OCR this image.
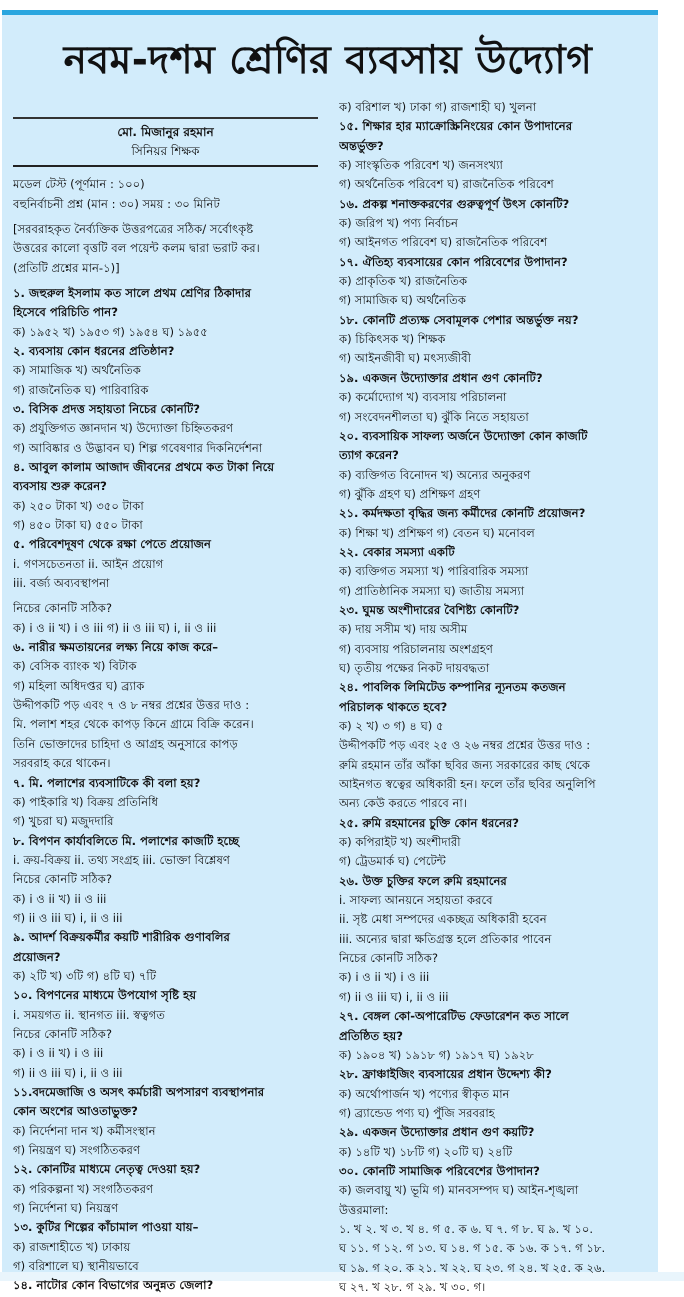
নবম-দশম শ্রেণির ব্যবসায় উদ্যোগ
মো. মিজানুর রহমান
সিনিয়র শিক্ষক
মডেল টেস্ট (পূর্ণমান : ১০০)
বহুনির্বাচনী প্রশ্ন (মান : ৩০) সময় : ৩০ মিনিট
[সরবরাহকৃত নৈর্ব্যক্তিক উত্তরপত্রের সঠিক/ সর্বোৎকৃষ্ট
উত্তরের কালো বৃত্তটি বল পয়েন্ট কলম দ্বারা ভরাট কর।
(প্রতিটি প্রশ্নের মান-১)]
১. জহুরুল ইসলাম কত সালে প্রথম শ্রেণির ঠিকাদার
হিসেবে পরিচিতি পান?
ক) ১৯৫২ খ) ১৯৫৩ গ) ১৯৫৪ ঘ) ১৯৫৫
২. ব্যবসায় কোন ধরনের প্রতিষ্ঠান?
ক) সামাজিক খ) অর্থনৈতিক
গ) রাজনৈতিক ঘ) পারিবারিক
৩. বিসিক প্রদত্ত সহায়তা নিচের কোনটি?
ক) প্রযুক্তিগত জ্ঞানদান খ) উদ্যোক্তা চিহ্নিতকরণ
গ) আবিষ্কার ও উদ্ভাবন ঘ) শিল্প গবেষণার দিকনির্দেশনা
৪. আবুল কালাম আজাদ জীবনের প্রথমে কত টাকা নিয়ে
ব্যবসায় শুরু করেন?
ক) ২৫০ টাকা খ) ৩৫০ টাকা
গ) ৪৫০ টাকা ঘ) ৫৫০ টাকা
৫. পরিবেশদূষণ থেকে রক্ষা পেতে প্রয়োজন
i. গণসচেতনতা ii. আইন প্রয়োগ
iii. বর্জ্য অব্যবস্থাপনা
নিচের কোনটি সঠিক?
ক) i ও ii খ) i ও iii গ) ii ও iii ঘ) i, ii ও iii
৬. নারীর ক্ষমতায়নের লক্ষ্য নিয়ে কাজ করে–
ক) বেসিক ব্যাংক খ) বিটাক
গ) মহিলা অধিদপ্তর ঘ) ব্র্যাক
উদ্দীপকটি পড় এবং ৭ ও ৮ নম্বর প্রশ্নের উত্তর দাও :
মি. পলাশ শহর থেকে কাপড় কিনে গ্রামে বিক্রি করেন।
তিনি ভোক্তাদের চাহিদা ও আগ্রহ অনুসারে কাপড়
সরবরাহ করে থাকেন।
৭. মি. পলাশের ব্যবসাটিকে কী বলা হয়?
ক) পাইকারি খ) বিক্রয় প্রতিনিধি
গ) খুচরা ঘ) মজুদদারি
৮. বিপণন কার্যাবলিতে মি. পলাশের কাজটি হচ্ছে
i. ক্রয়-বিক্রয় ii. তথ্য সংগ্রহ iii. ভোক্তা বিশ্লেষণ
নিচের কোনটি সঠিক?
ক) i ও ii খ) ii ও iii
গ) ii ও iii ঘ) i, ii ও iii
৯. আদর্শ বিক্রয়কর্মীর কয়টি শারীরিক গুণাবলির
প্রয়োজন?
ক) ২টি খ) ৩টি গ) ৪টি ঘ) ৭টি
১০. বিপণনের মাধ্যমে উপযোগ সৃষ্টি হয়
i. সময়গত ii. স্থানগত iii. স্বত্বগত
নিচের কোনটি সঠিক?
ক) i ও ii খ) i ও iii
গ) ii ও iii ঘ) i, ii ও iii
১১.বদমেজাজি ও অসৎ কর্মচারী অপসারণ ব্যবস্থাপনার
কোন অংশের আওতাভুক্ত?
ক) নির্দেশনা দান খ) কর্মীসংস্থান
গ) নিয়ন্ত্রণ ঘ) সংগঠিতকরণ
১২. কোনটির মাধ্যমে নেতৃত্ব দেওয়া হয়?
ক) পরিকল্পনা খ) সংগঠিতকরণ
গ) নির্দেশনা ঘ) নিয়ন্ত্রণ
১৩. কুটির শিল্পের কাঁচামাল পাওয়া যায়–
ক) রাজশাহীতে খ) ঢাকায়
গ) বরিশালে ঘ) স্থানীয়ভাবে
১৪. নাটোর কোন বিভাগের অনুন্নত জেলা?
ক) বরিশাল খ) ঢাকা গ) রাজশাহী ঘ) খুলনা
১৫. শিক্ষার হার ম্যাক্রোস্ক্রিনিংয়ের কোন উপাদানের
অন্তর্ভুক্ত?
ক) সাংস্কৃতিক পরিবেশ খ) জনসংখ্যা
গ) অর্থনৈতিক পরিবেশ ঘ) রাজনৈতিক পরিবেশ
১৬. প্রকল্প শনাক্তকরণের গুরুত্বপূর্ণ উৎস কোনটি?
ক) জরিপ খ) পণ্য নির্বাচন
গ) আইনগত পরিবেশ ঘ) রাজনৈতিক পরিবেশ
১৭. ঐতিহ্য ব্যবসায়ের কোন পরিবেশের উপাদান?
ক) প্রাকৃতিক খ) রাজনৈতিক
গ) সামাজিক ঘ) অর্থনৈতিক
১৮. কোনটি প্রত্যক্ষ সেবামূলক পেশার অন্তর্ভুক্ত নয়?
ক) চিকিৎসক খ) শিক্ষক
গ) আইনজীবী ঘ) মৎস্যজীবী
১৯. একজন উদ্যোক্তার প্রধান গুণ কোনটি?
ক) কর্মোদ্যোগ খ) ব্যবসায় পরিচালনা
গ) সংবেদনশীলতা ঘ) ঝুঁকি নিতে সহায়তা
২০. ব্যবসায়িক সাফল্য অর্জনে উদ্যোক্তা কোন কাজটি
ত্যাগ করেন?
ক) ব্যক্তিগত বিনোদন খ) অন্যের অনুকরণ
গ) ঝুঁকি গ্রহণ ঘ) প্রশিক্ষণ গ্রহণ
২১. কর্মদক্ষতা বৃদ্ধির জন্য কর্মীদের কোনটি প্রয়োজন?
ক) শিক্ষা খ) প্রশিক্ষণ গ) বেতন ঘ) মনোবল
২২. বেকার সমস্যা একটি
ক) ব্যক্তিগত সমস্যা খ) পারিবারিক সমস্যা
গ) প্রাতিষ্ঠানিক সমস্যা ঘ) জাতীয় সমস্যা
২৩. ঘুমন্ত অংশীদারের বৈশিষ্ট্য কোনটি?
ক) দায় সসীম খ) দায় অসীম
গ) ব্যবসায় পরিচালনায় অংশগ্রহণ
ঘ) তৃতীয় পক্ষের নিকট দায়বদ্ধতা
২৪. পাবলিক লিমিটেড কম্পানির ন্যূনতম কতজন
পরিচালক থাকতে হবে?
ক) ২ খ) ৩ গ) ৪ ঘ) ৫
উদ্দীপকটি পড় এবং ২৫ ও ২৬ নম্বর প্রশ্নের উত্তর দাও :
রুমি রহমান তাঁর আঁকা ছবির জন্য সরকারের কাছ থেকে
আইনগত স্বত্বের অধিকারী হন। ফলে তাঁর ছবির অনুলিপি
অন্য কেউ করতে পারবে না।
২৫. রুমি রহমানের চুক্তি কোন ধরনের?
ক) কপিরাইট খ) অংশীদারী
গ) ট্রেডমার্ক ঘ) পেটেন্ট
২৬. উক্ত চুক্তির ফলে রুমি রহমানের
i. সাফল্য আনয়নে সহায়তা করবে
ii. সৃষ্ট মেধা সম্পদের একচ্ছত্র অধিকারী হবেন
iii. অন্যের দ্বারা ক্ষতিগ্রস্ত হলে প্রতিকার পাবেন
নিচের কোনটি সঠিক?
ক) i ও ii খ) i ও iii
গ) ii ও iii ঘ) i, ii ও iii
২৭. বেঙ্গল কো-অপারেটিভ ফেডারেশন কত সালে
প্রতিষ্ঠিত হয়?
ক) ১৯০৪ খ) ১৯১৮ গ) ১৯১৭ ঘ) ১৯২৮
২৮. ফ্রাঞ্চাইজিং ব্যবসায়ের প্রধান উদ্দেশ্য কী?
ক) অর্থোপার্জন খ) পণ্যের স্বীকৃত মান
গ) ব্র্যান্ডেড পণ্য ঘ) পুঁজি সরবরাহ
২৯. একজন উদ্যোক্তার প্রধান গুণ কয়টি?
ক) ১৪টি খ) ১৮টি গ) ২০টি ঘ) ২৪টি
৩০. কোনটি সামাজিক পরিবেশের উপাদান?
ক) জলবায়ু খ) ভূমি গ) মানবসম্পদ ঘ) আইন-শৃঙ্খলা
উত্তরমালা:
১. খ ২. খ ৩. খ ৪. গ ৫. ক ৬. ঘ ৭. গ ৮. ঘ ৯. খ ১০.
ঘ ১১. গ ১২. গ ১৩. ঘ ১৪. গ ১৫. ক ১৬. ক ১৭. গ ১৮.
ঘ ১৯. গ ২০. ক ২১. খ ২২. ঘ ২৩. গ ২৪. খ ২৫. ক ২৬.
ঘ ২৭. খ ২৮. গ ২৯. খ ৩০. গ।
